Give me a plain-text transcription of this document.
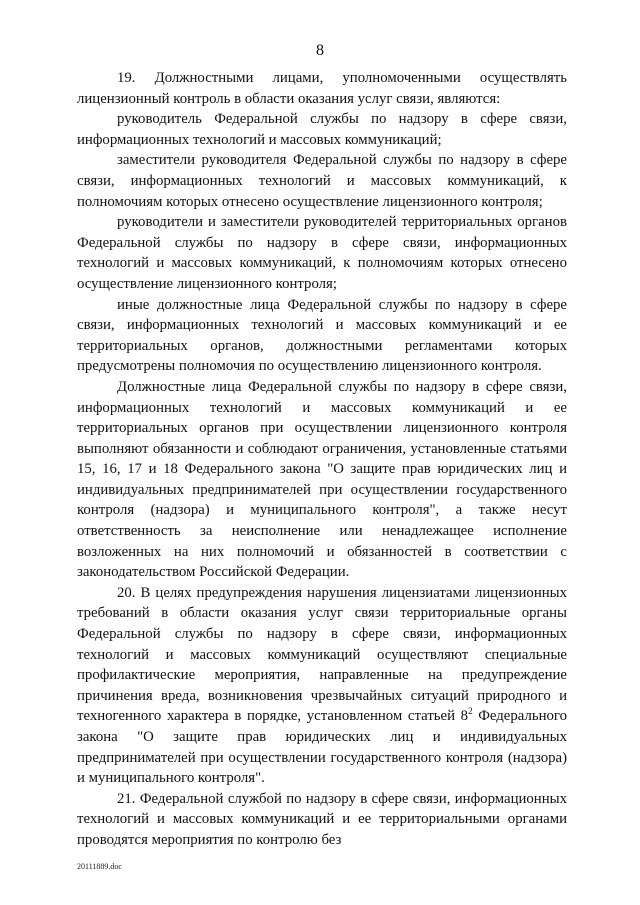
8

19. Должностными лицами, уполномоченными осуществлять лицензионный контроль в области оказания услуг связи, являются:

руководитель Федеральной службы по надзору в сфере связи, информационных технологий и массовых коммуникаций;

заместители руководителя Федеральной службы по надзору в сфере связи, информационных технологий и массовых коммуникаций, к полномочиям которых отнесено осуществление лицензионного контроля;

руководители и заместители руководителей территориальных органов Федеральной службы по надзору в сфере связи, информационных технологий и массовых коммуникаций, к полномочиям которых отнесено осуществление лицензионного контроля;

иные должностные лица Федеральной службы по надзору в сфере связи, информационных технологий и массовых коммуникаций и ее территориальных органов, должностными регламентами которых предусмотрены полномочия по осуществлению лицензионного контроля.

Должностные лица Федеральной службы по надзору в сфере связи, информационных технологий и массовых коммуникаций и ее территориальных органов при осуществлении лицензионного контроля выполняют обязанности и соблюдают ограничения, установленные статьями 15, 16, 17 и 18 Федерального закона "О защите прав юридических лиц и индивидуальных предпринимателей при осуществлении государственного контроля (надзора) и муниципального контроля", а также несут ответственность за неисполнение или ненадлежащее исполнение возложенных на них полномочий и обязанностей в соответствии с законодательством Российской Федерации.

20. В целях предупреждения нарушения лицензиатами лицензионных требований в области оказания услуг связи территориальные органы Федеральной службы по надзору в сфере связи, информационных технологий и массовых коммуникаций осуществляют специальные профилактические мероприятия, направленные на предупреждение причинения вреда, возникновения чрезвычайных ситуаций природного и техногенного характера в порядке, установленном статьей $8^2$ Федерального закона "О защите прав юридических лиц и индивидуальных предпринимателей при осуществлении государственного контроля (надзора) и муниципального контроля".

21. Федеральной службой по надзору в сфере связи, информационных технологий и массовых коммуникаций и ее территориальными органами проводятся мероприятия по контролю без

20111889.doc
